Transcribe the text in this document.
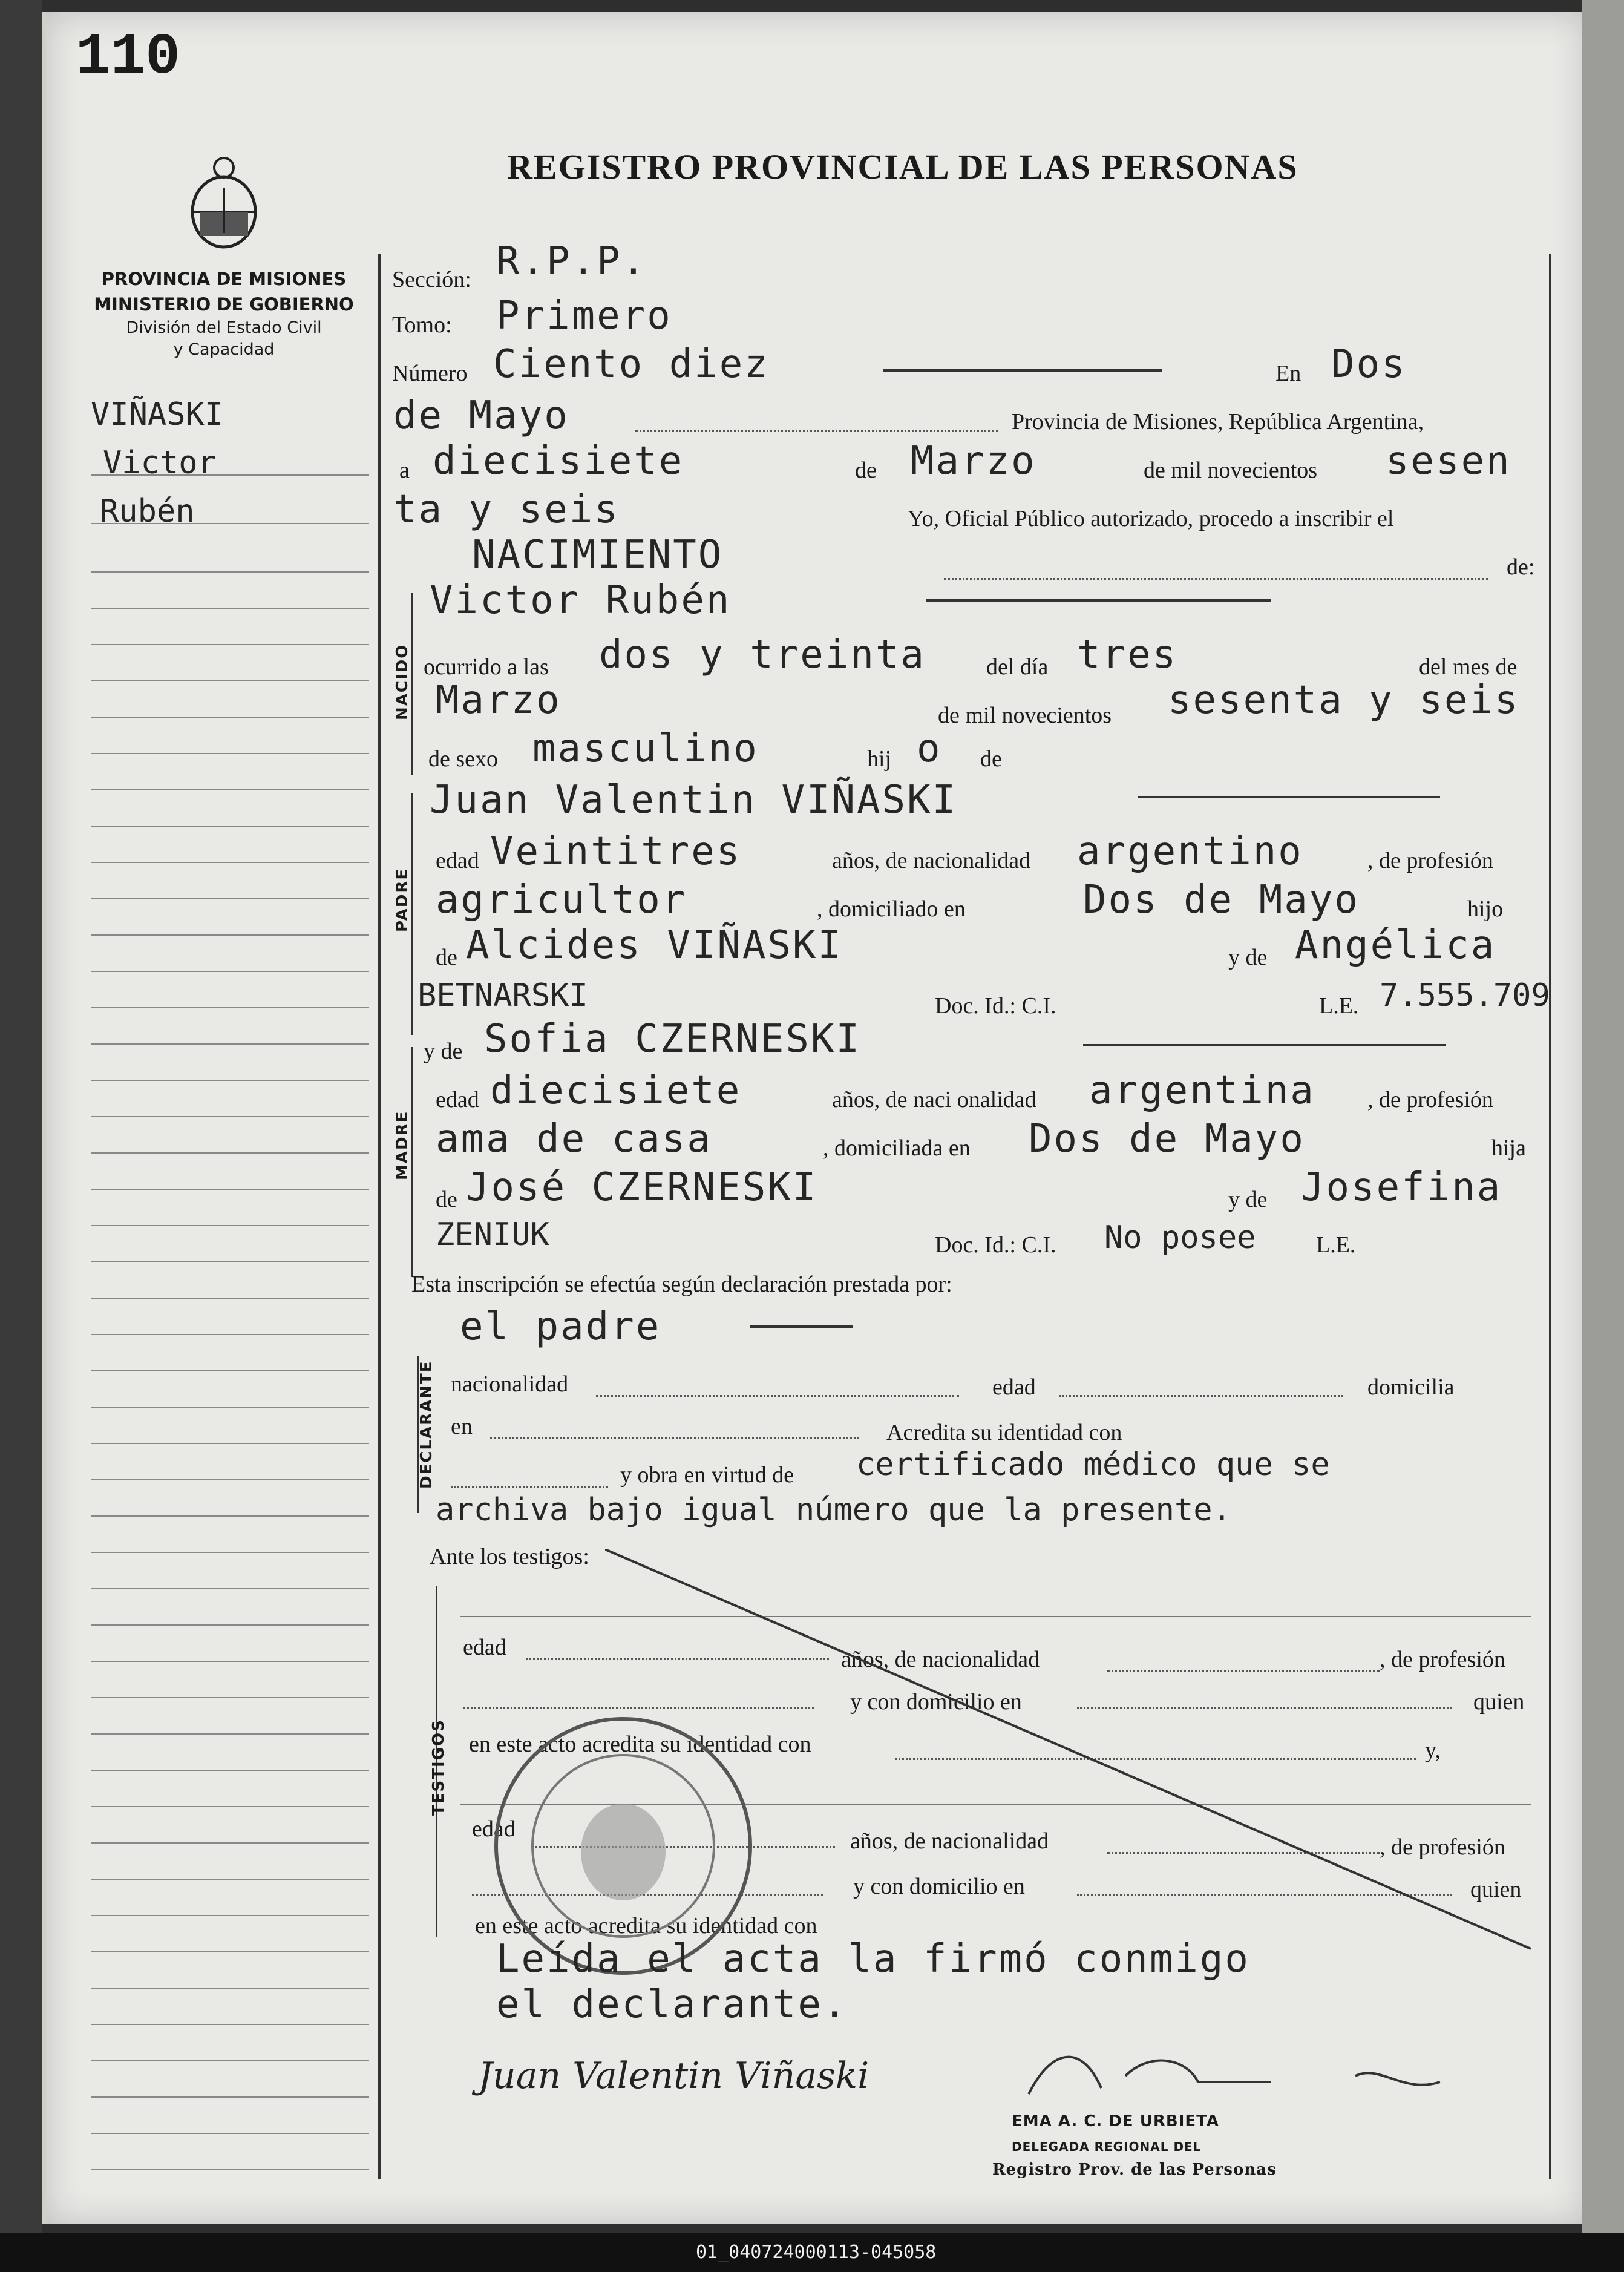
110
REGISTRO PROVINCIAL DE LAS PERSONAS
PROVINCIA DE MISIONES
MINISTERIO DE GOBIERNO
División del Estado Civil
y Capacidad
VIÑASKI
Victor
Rubén
Sección: R.P.P.
Tomo: Primero
Número Ciento diez	En Dos
de Mayo	Provincia de Misiones, República Argentina,
a diecisiete	de Marzo	de mil novecientos sesen
ta y seis	Yo, Oficial Público autorizado, procedo a inscribir el
NACIMIENTO	de:
NACIDO
Victor Rubén
ocurrido a las dos y treinta	del día tres	del mes de
Marzo	de mil novecientos sesenta y seis
de sexo masculino	hij o de
PADRE
Juan Valentin VIÑASKI
edad Veintitres	años, de nacionalidad argentino	, de profesión
agricultor	, domiciliado en	Dos de Mayo	hijo
de Alcides VIÑASKI	y de Angélica
BETNARSKI	Doc. Id.: C.I.	L.E. 7.555.709
MADRE
y de Sofia CZERNESKI
edad diecisiete	años, de naci onalidad argentina , de profesión
ama de casa	, domiciliada en Dos de Mayo	hija
de José CZERNESKI	y de Josefina
ZENIUK	Doc. Id.: C.I. No posee	L.E.
Esta inscripción se efectúa según declaración prestada por:
el padre
DECLARANTE nacionalidad	edad	domicilia
en	Acredita su identidad con
y obra en virtud de certificado médico que se
archiva bajo igual número que la presente.
Ante los testigos:
TESTIGOS
edad	años, de nacionalidad	, de profesión
y con domicilio en	quien
en este acto acredita su identidad con	y,
edad	años, de nacionalidad	, de profesión
y con domicilio en	quien
en este acto acredita su identidad con
Leída el acta la firmó conmigo
el declarante.
Juan Valentin Viñaski
EMA A. C. DE URBIETA
DELEGADA REGIONAL DEL
Registro Prov. de las Personas
01_040724000113-045058
